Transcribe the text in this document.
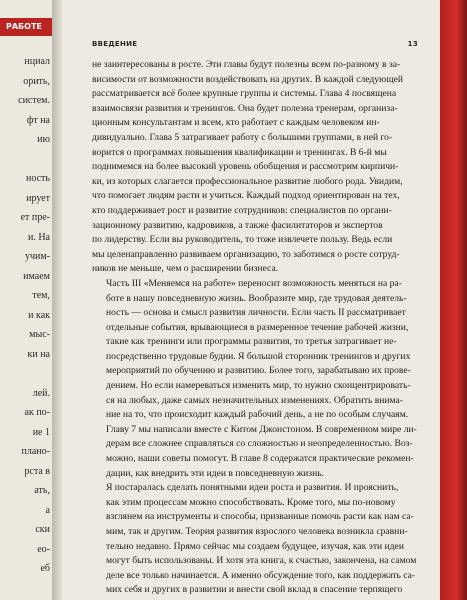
РАБОТЕ
нциал
орить,
систем.
фт на
ию
ность
ирует
ет пре-
и. На
учим-
имаем
тем,
и как
мыс-
ки на
лей.
ак по-
ие 1
плано-
рста в
ать,
а
ски
ео-
еб
ВВЕДЕНИЕ	13

не заинтересованы в росте. Эти главы будут полезны всем по-разному в за-
висимости от возможности воздействовать на других. В каждой следующей
рассматривается всё более крупные группы и системы. Глава 4 посвящена
взаимосвязи развития и тренингов. Она будет полезна тренерам, организа-
ционным консультантам и всем, кто работает с каждым человеком ин-
дивидуально. Глава 5 затрагивает работу с большими группами, в ней го-
ворится о программах повышения квалификации и тренингах. В 6-й мы
поднимемся на более высокий уровень обобщения и рассмотрим кирпичи-
ки, из которых слагается профессиональное развитие любого рода. Увидим,
что помогает людям расти и учиться. Каждый подход ориентирован на тех,
кто поддерживает рост и развитие сотрудников: специалистов по органи-
зационному развитию, кадровиков, а также фасилитаторов и экспертов
по лидерству. Если вы руководитель, то тоже извлечете пользу. Ведь если
мы целенаправленно развиваем организацию, то заботимся о росте сотруд-
ников не меньше, чем о расширении бизнеса.

Часть III «Меняемся на работе» переносит возможность меняться на ра-
боте в нашу повседневную жизнь. Вообразите мир, где трудовая деятель-
ность — основа и смысл развития личности. Если часть II рассматривает
отдельные события, врывающиеся в размеренное течение рабочей жизни,
такие как тренинги или программы развития, то третья затрагивает не-
посредственно трудовые будни. Я большой сторонник тренингов и других
мероприятий по обучению и развитию. Более того, зарабатываю их прове-
дением. Но если намереваться изменить мир, то нужно сконцентрировать-
ся на любых, даже самых незначительных изменениях. Обратить внима-
ние на то, что происходит каждый рабочий день, а не по особым случаям.
Главу 7 мы написали вместе с Китом Джонстоном. В современном мире ли-
дерам все сложнее справляться со сложностью и неопределенностью. Воз-
можно, наши советы помогут. В главе 8 содержатся практические рекомен-
дации, как внедрить эти идеи в повседневную жизнь.

Я постаралась сделать понятными идеи роста и развития. И прояснить,
как этим процессам можно способствовать. Кроме того, мы по-новому
взглянем на инструменты и способы, призванные помочь расти как нам са-
мим, так и другим. Теория развития взрослого человека возникла сравни-
тельно недавно. Прямо сейчас мы создаем будущее, изучая, как эти идеи
могут быть использованы. И хотя эта книга, к счастью, закончена, на самом
деле все только начинается. А именно обсуждение того, как поддержать са-
мих себя и других в развитии и внести свой вклад в спасение терпящего
